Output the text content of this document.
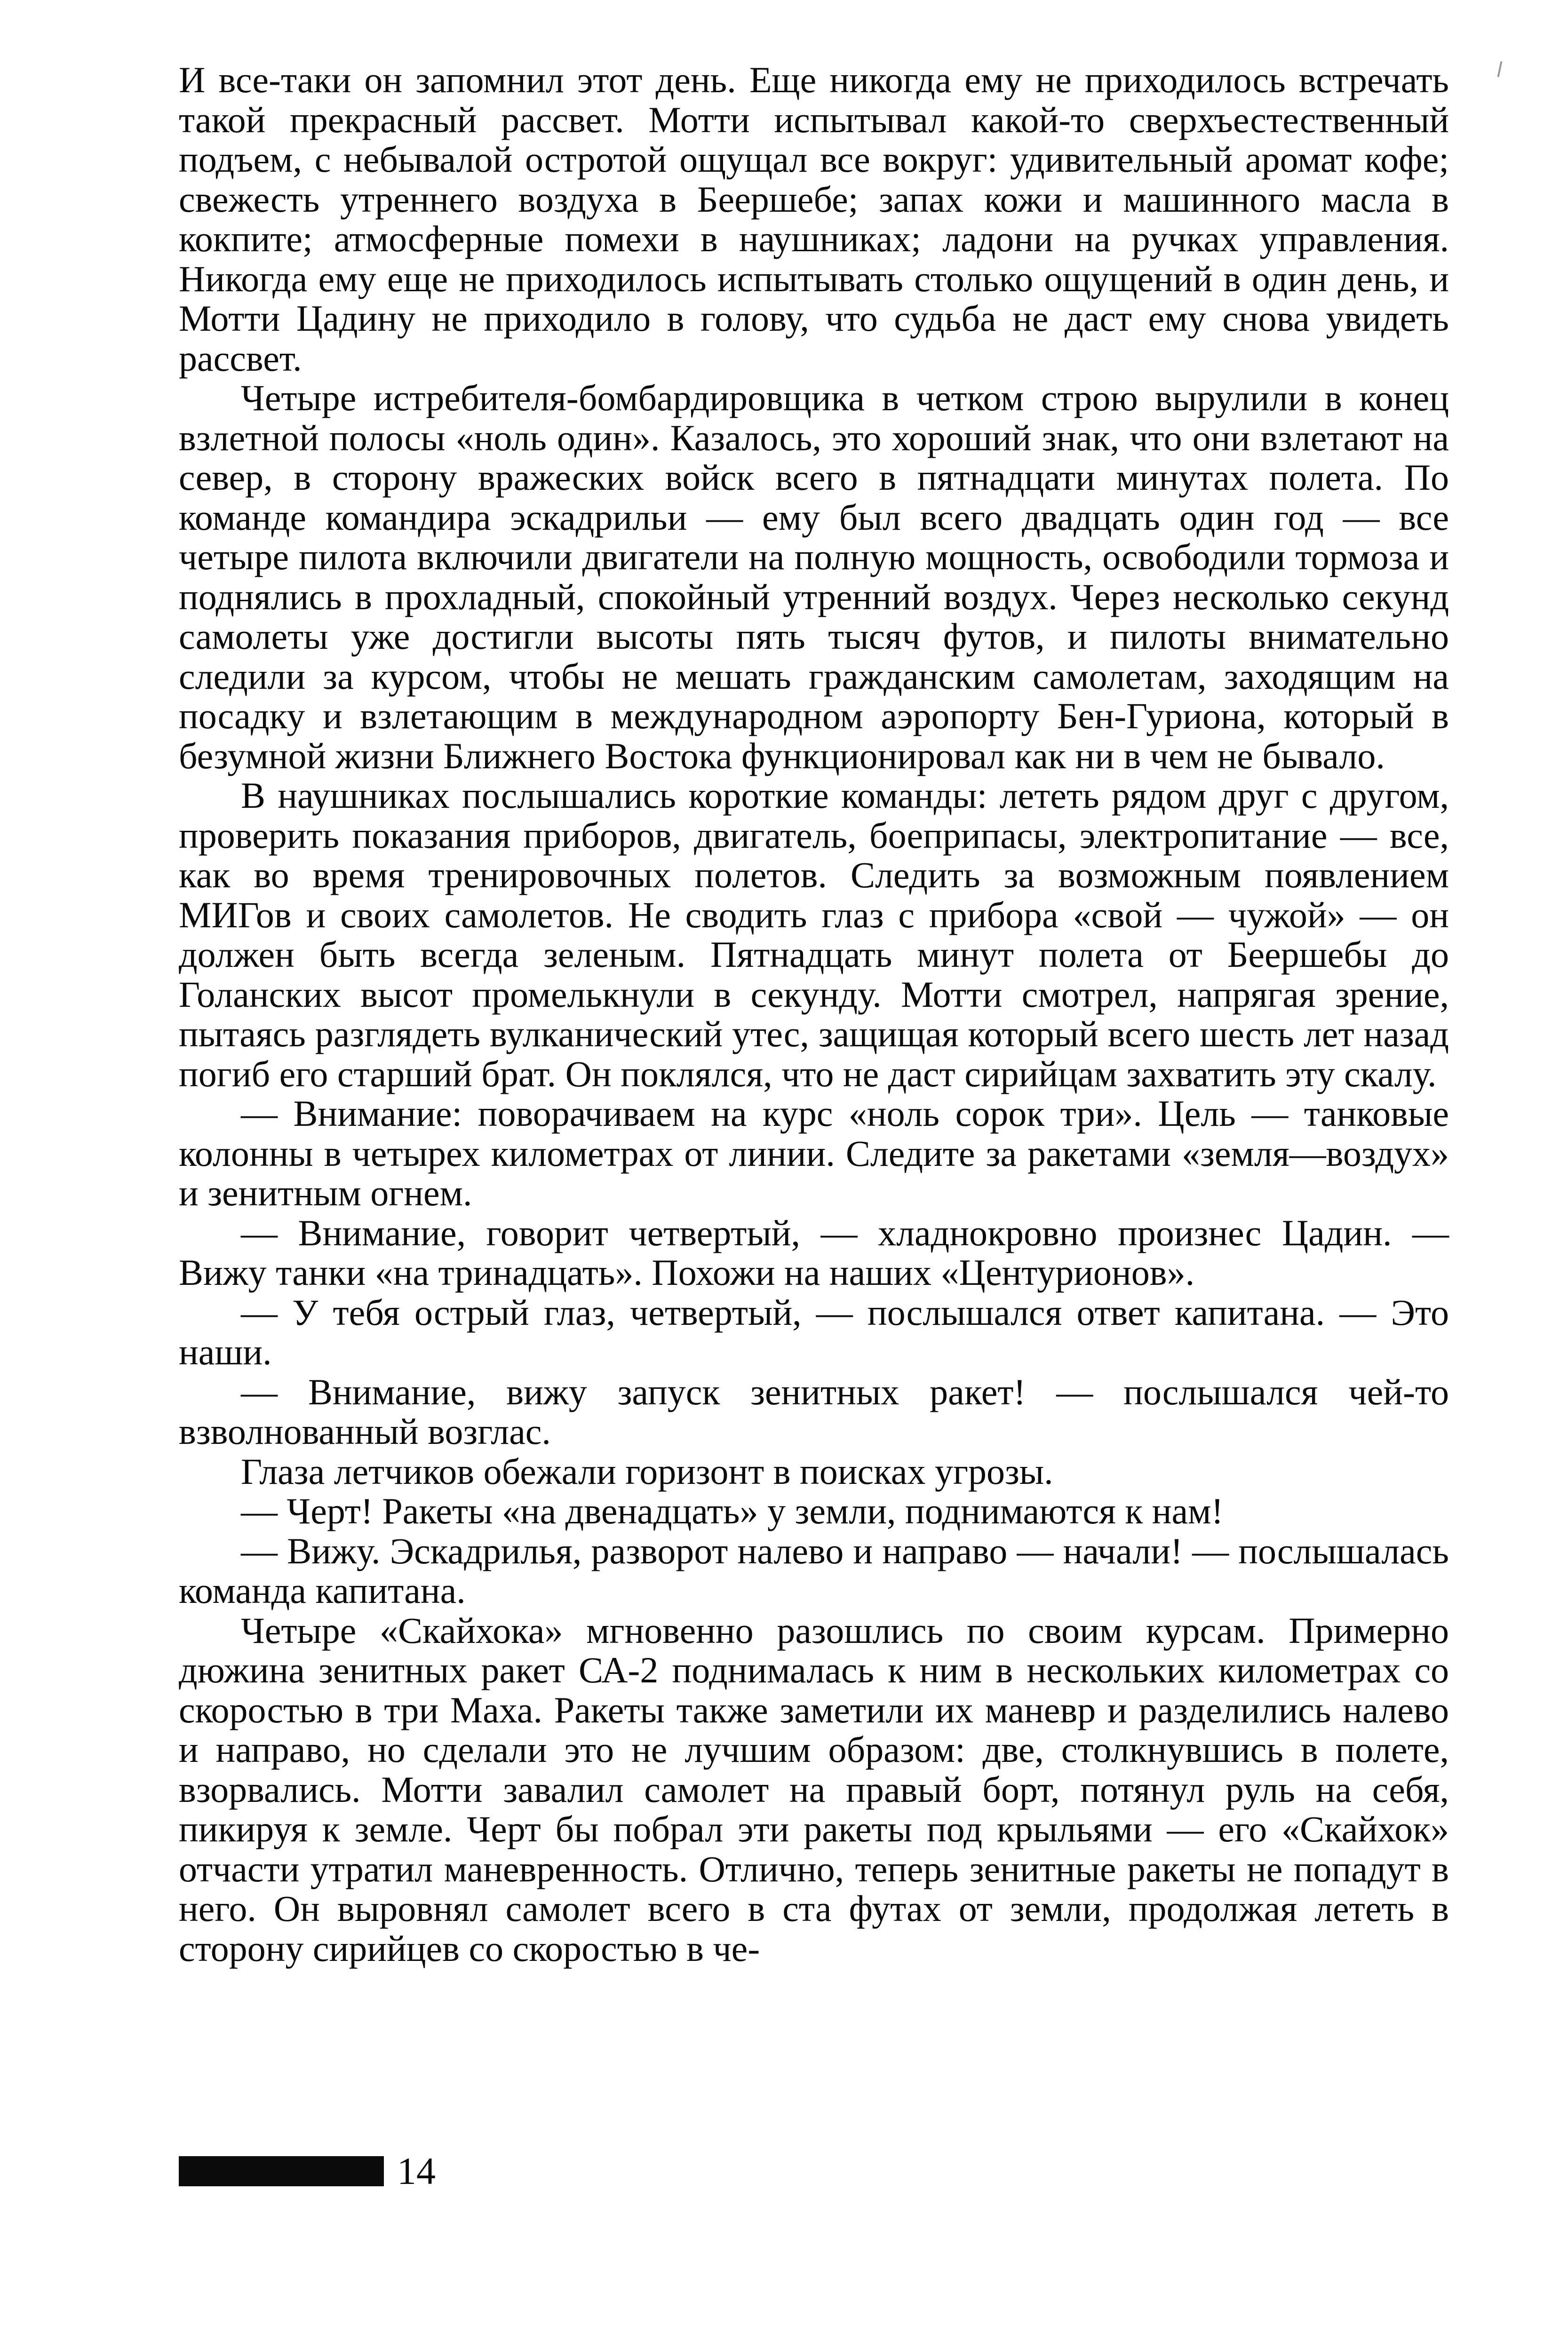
И все-таки он запомнил этот день. Еще никогда ему не приходилось встречать такой прекрасный рассвет. Мотти испытывал какой-то сверхъестественный подъем, с небывалой остротой ощущал все вокруг: удивительный аромат кофе; свежесть утреннего воздуха в Беершебе; запах кожи и машинного масла в кокпите; атмосферные помехи в наушниках; ладони на ручках управления. Никогда ему еще не приходилось испытывать столько ощущений в один день, и Мотти Цадину не приходило в голову, что судьба не даст ему снова увидеть рассвет.

Четыре истребителя-бомбардировщика в четком строю вырулили в конец взлетной полосы «ноль один». Казалось, это хороший знак, что они взлетают на север, в сторону вражеских войск всего в пятнадцати минутах полета. По команде командира эскадрильи — ему был всего двадцать один год — все четыре пилота включили двигатели на полную мощность, освободили тормоза и поднялись в прохладный, спокойный утренний воздух. Через несколько секунд самолеты уже достигли высоты пять тысяч футов, и пилоты внимательно следили за курсом, чтобы не мешать гражданским самолетам, заходящим на посадку и взлетающим в международном аэропорту Бен-Гуриона, который в безумной жизни Ближнего Востока функционировал как ни в чем не бывало.

В наушниках послышались короткие команды: лететь рядом друг с другом, проверить показания приборов, двигатель, боеприпасы, электропитание — все, как во время тренировочных полетов. Следить за возможным появлением МИГов и своих самолетов. Не сводить глаз с прибора «свой — чужой» — он должен быть всегда зеленым. Пятнадцать минут полета от Беершебы до Голанских высот промелькнули в секунду. Мотти смотрел, напрягая зрение, пытаясь разглядеть вулканический утес, защищая который всего шесть лет назад погиб его старший брат. Он поклялся, что не даст сирийцам захватить эту скалу.

— Внимание: поворачиваем на курс «ноль сорок три». Цель — танковые колонны в четырех километрах от линии. Следите за ракетами «земля—воздух» и зенитным огнем.

— Внимание, говорит четвертый, — хладнокровно произнес Цадин. — Вижу танки «на тринадцать». Похожи на наших «Центурионов».

— У тебя острый глаз, четвертый, — послышался ответ капитана. — Это наши.

— Внимание, вижу запуск зенитных ракет! — послышался чей-то взволнованный возглас.

Глаза летчиков обежали горизонт в поисках угрозы.

— Черт! Ракеты «на двенадцать» у земли, поднимаются к нам!

— Вижу. Эскадрилья, разворот налево и направо — начали! — послышалась команда капитана.

Четыре «Скайхока» мгновенно разошлись по своим курсам. Примерно дюжина зенитных ракет СА-2 поднималась к ним в нескольких километрах со скоростью в три Маха. Ракеты также заметили их маневр и разделились налево и направо, но сделали это не лучшим образом: две, столкнувшись в полете, взорвались. Мотти завалил самолет на правый борт, потянул руль на себя, пикируя к земле. Черт бы побрал эти ракеты под крыльями — его «Скайхок» отчасти утратил маневренность. Отлично, теперь зенитные ракеты не попадут в него. Он выровнял самолет всего в ста футах от земли, продолжая лететь в сторону сирийцев со скоростью в че-

14
